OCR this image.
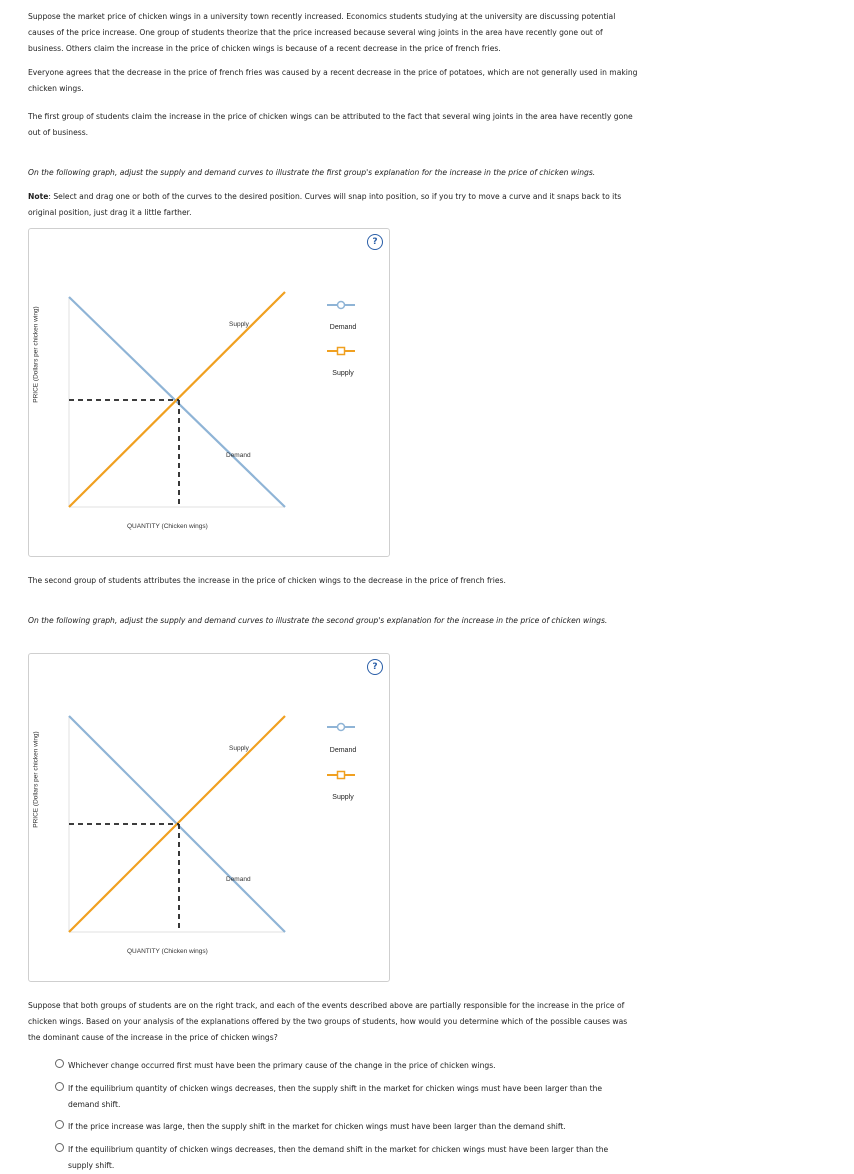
Suppose the market price of chicken wings in a university town recently increased. Economics students studying at the university are discussing potential causes of the price increase. One group of students theorize that the price increased because several wing joints in the area have recently gone out of business. Others claim the increase in the price of chicken wings is because of a recent decrease in the price of french fries.

Everyone agrees that the decrease in the price of french fries was caused by a recent decrease in the price of potatoes, which are not generally used in making chicken wings.

The first group of students claim the increase in the price of chicken wings can be attributed to the fact that several wing joints in the area have recently gone out of business.

On the following graph, adjust the supply and demand curves to illustrate the first group's explanation for the increase in the price of chicken wings.

Note: Select and drag one or both of the curves to the desired position. Curves will snap into position, so if you try to move a curve and it snaps back to its original position, just drag it a little farther.

?
PRICE (Dollars per chicken wing)	Supply
Demand
Demand
Supply
QUANTITY (Chicken wings)

The second group of students attributes the increase in the price of chicken wings to the decrease in the price of french fries.

On the following graph, adjust the supply and demand curves to illustrate the second group's explanation for the increase in the price of chicken wings.

?
PRICE (Dollars per chicken wing)	Supply
Demand
Demand
Supply
QUANTITY (Chicken wings)

Suppose that both groups of students are on the right track, and each of the events described above are partially responsible for the increase in the price of chicken wings. Based on your analysis of the explanations offered by the two groups of students, how would you determine which of the possible causes was the dominant cause of the increase in the price of chicken wings?

Whichever change occurred first must have been the primary cause of the change in the price of chicken wings.
If the equilibrium quantity of chicken wings decreases, then the supply shift in the market for chicken wings must have been larger than the demand shift.
If the price increase was large, then the supply shift in the market for chicken wings must have been larger than the demand shift.
If the equilibrium quantity of chicken wings decreases, then the demand shift in the market for chicken wings must have been larger than the supply shift.
